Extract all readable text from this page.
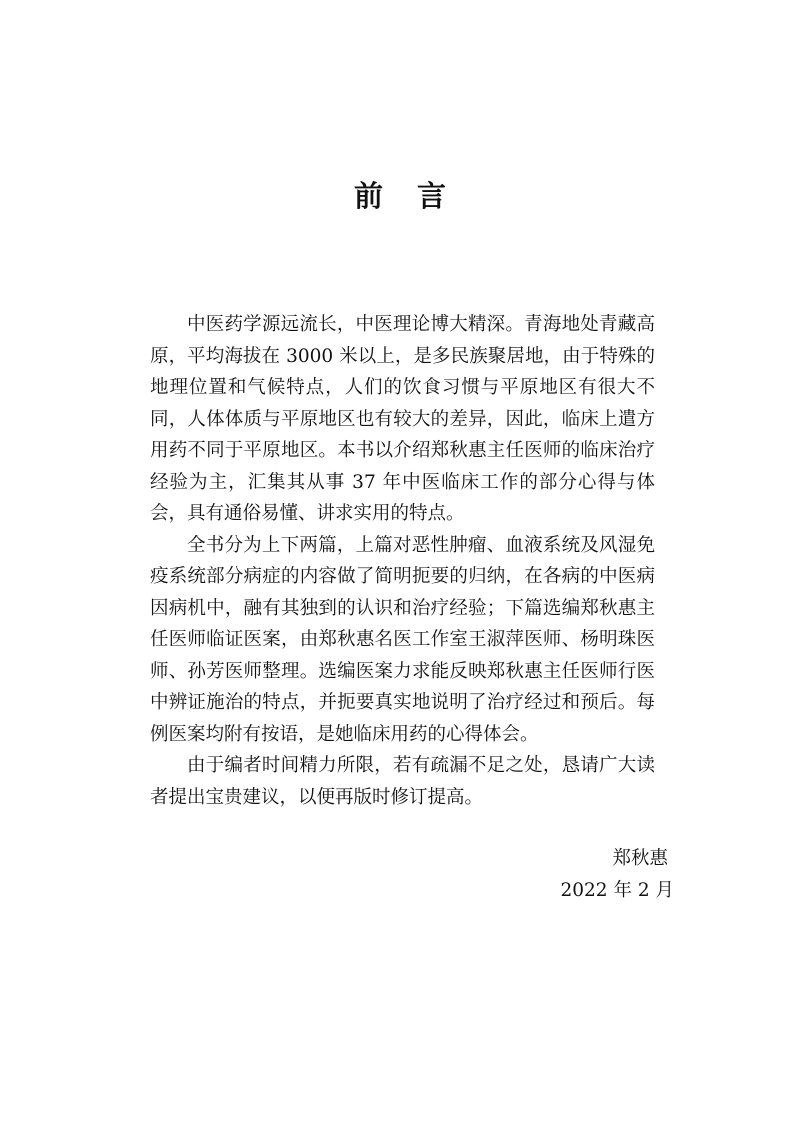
前 言

中医药学源远流长，中医理论博大精深。青海地处青藏高原，平均海拔在 3000 米以上，是多民族聚居地，由于特殊的地理位置和气候特点，人们的饮食习惯与平原地区有很大不同，人体体质与平原地区也有较大的差异，因此，临床上遣方用药不同于平原地区。本书以介绍郑秋惠主任医师的临床治疗经验为主，汇集其从事 37 年中医临床工作的部分心得与体会，具有通俗易懂、讲求实用的特点。

全书分为上下两篇，上篇对恶性肿瘤、血液系统及风湿免疫系统部分病症的内容做了简明扼要的归纳，在各病的中医病因病机中，融有其独到的认识和治疗经验；下篇选编郑秋惠主任医师临证医案，由郑秋惠名医工作室王淑萍医师、杨明珠医师、孙芳医师整理。选编医案力求能反映郑秋惠主任医师行医中辨证施治的特点，并扼要真实地说明了治疗经过和预后。每例医案均附有按语，是她临床用药的心得体会。

由于编者时间精力所限，若有疏漏不足之处，恳请广大读者提出宝贵建议，以便再版时修订提高。

郑秋惠
2022 年 2 月
